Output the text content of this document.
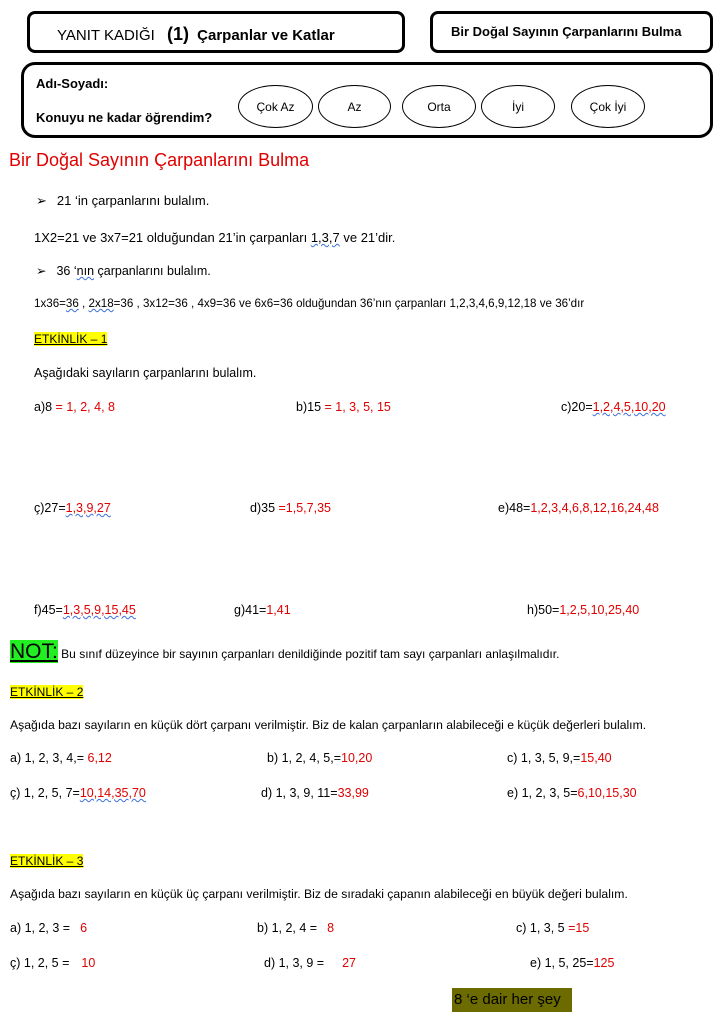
YANIT KADIĞI (1) Çarpanlar ve Katlar	Bir Doğal Sayının Çarpanlarını Bulma
Adı-Soyadı:
Konuyu ne kadar öğrendim?
Çok Az	Az	Orta	İyi	Çok İyi
Bir Doğal Sayının Çarpanlarını Bulma
➢ 21 ‘in çarpanlarını bulalım.
1X2=21 ve 3x7=21 olduğundan 21’in çarpanları 1,3,7 ve 21’dir.
➢ 36 ‘nın çarpanlarını bulalım.
1x36=36 , 2x18=36 , 3x12=36 , 4x9=36 ve 6x6=36 olduğundan 36’nın çarpanları 1,2,3,4,6,9,12,18 ve 36’dır
ETKİNLİK – 1
Aşağıdaki sayıların çarpanlarını bulalım.
a)8 = 1, 2, 4, 8	b)15 = 1, 3, 5, 15	c)20=1,2,4,5,10,20
ç)27=1,3,9,27	d)35 =1,5,7,35	e)48=1,2,3,4,6,8,12,16,24,48
f)45=1,3,5,9,15,45	g)41=1,41	h)50=1,2,5,10,25,40
NOT: Bu sınıf düzeyince bir sayının çarpanları denildiğinde pozitif tam sayı çarpanları anlaşılmalıdır.
ETKİNLİK – 2
Aşağıda bazı sayıların en küçük dört çarpanı verilmiştir. Biz de kalan çarpanların alabileceği e küçük değerleri bulalım.
a) 1, 2, 3, 4,= 6,12	b) 1, 2, 4, 5,=10,20	c) 1, 3, 5, 9,=15,40
ç) 1, 2, 5, 7=10,14,35,70	d) 1, 3, 9, 11=33,99	e) 1, 2, 3, 5=6,10,15,30
ETKİNLİK – 3
Aşağıda bazı sayıların en küçük üç çarpanı verilmiştir. Biz de sıradaki çapanın alabileceği en büyük değeri bulalım.
a) 1, 2, 3 = 6	b) 1, 2, 4 = 8	c) 1, 3, 5 =15
ç) 1, 2, 5 = 10	d) 1, 3, 9 = 27	e) 1, 5, 25=125
8 ‘e dair her şey
